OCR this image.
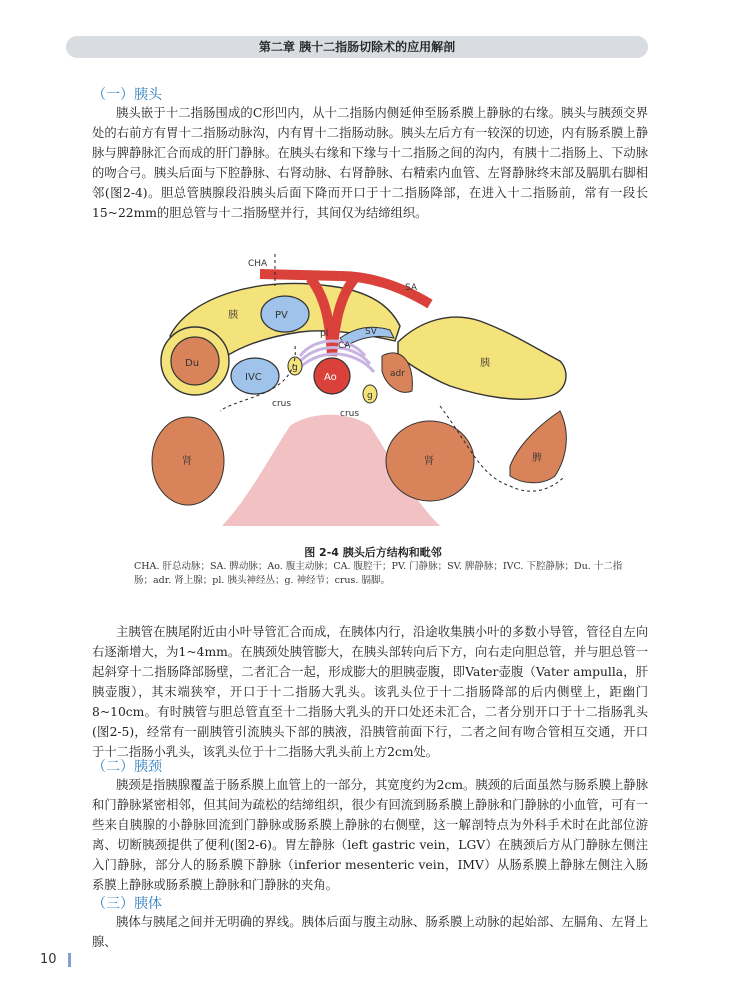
第二章 胰十二指肠切除术的应用解剖
（一）胰头
胰头嵌于十二指肠围成的C形凹内，从十二指肠内侧延伸至肠系膜上静脉的右缘。胰头与胰颈交界处的右前方有胃十二指肠动脉沟，内有胃十二指肠动脉。胰头左后方有一较深的切迹，内有肠系膜上静脉与脾静脉汇合而成的肝门静脉。在胰头右缘和下缘与十二指肠之间的沟内，有胰十二指肠上、下动脉的吻合弓。胰头后面与下腔静脉、右肾动脉、右肾静脉、右精索内血管、左肾静脉终末部及膈肌右脚相邻(图2-4)。胆总管胰腺段沿胰头后面下降而开口于十二指肠降部，在进入十二指肠前，常有一段长15~22mm的胆总管与十二指肠壁并行，其间仅为结缔组织。
CHA
SA
胰
胰
PV
SV
pl
CA
Du
IVC
g
Ao	adr
g
crus
crus
肾	肾	脾
图 2-4 胰头后方结构和毗邻
CHA. 肝总动脉；SA. 脾动脉；Ao. 腹主动脉；CA. 腹腔干；PV. 门静脉；SV. 脾静脉；IVC. 下腔静脉；Du. 十二指肠；adr. 肾上腺；pl. 胰头神经丛；g. 神经节；crus. 膈脚。
主胰管在胰尾附近由小叶导管汇合而成，在胰体内行，沿途收集胰小叶的多数小导管，管径自左向右逐渐增大，为1~4mm。在胰颈处胰管膨大，在胰头部转向后下方，向右走向胆总管，并与胆总管一起斜穿十二指肠降部肠壁，二者汇合一起，形成膨大的胆胰壶腹，即Vater壶腹（Vater ampulla，肝胰壶腹），其末端狭窄，开口于十二指肠大乳头。该乳头位于十二指肠降部的后内侧壁上，距幽门8~10cm。有时胰管与胆总管直至十二指肠大乳头的开口处还未汇合，二者分别开口于十二指肠乳头(图2-5)，经常有一副胰管引流胰头下部的胰液，沿胰管前面下行，二者之间有吻合管相互交通，开口于十二指肠小乳头，该乳头位于十二指肠大乳头前上方2cm处。
（二）胰颈
胰颈是指胰腺覆盖于肠系膜上血管上的一部分，其宽度约为2cm。胰颈的后面虽然与肠系膜上静脉和门静脉紧密相邻，但其间为疏松的结缔组织，很少有回流到肠系膜上静脉和门静脉的小血管，可有一些来自胰腺的小静脉回流到门静脉或肠系膜上静脉的右侧壁，这一解剖特点为外科手术时在此部位游离、切断胰颈提供了便利(图2-6)。胃左静脉（left gastric vein，LGV）在胰颈后方从门静脉左侧注入门静脉，部分人的肠系膜下静脉（inferior mesenteric vein，IMV）从肠系膜上静脉左侧注入肠系膜上静脉或肠系膜上静脉和门静脉的夹角。
（三）胰体
胰体与胰尾之间并无明确的界线。胰体后面与腹主动脉、肠系膜上动脉的起始部、左膈角、左肾上腺、
10
